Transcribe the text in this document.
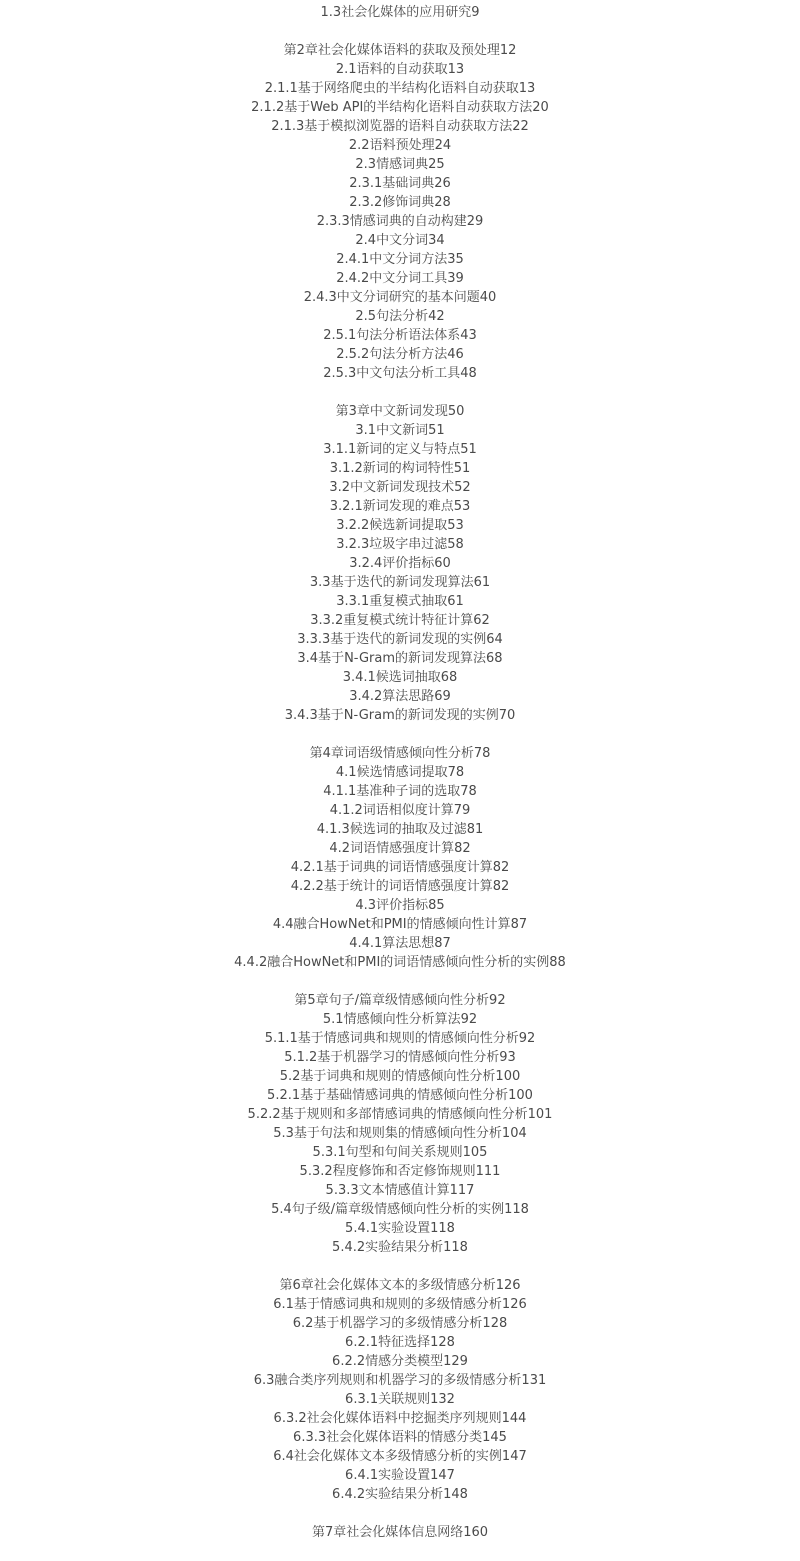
1.3社会化媒体的应用研究9
第2章社会化媒体语料的获取及预处理12
2.1语料的自动获取13
2.1.1基于网络爬虫的半结构化语料自动获取13
2.1.2基于Web API的半结构化语料自动获取方法20
2.1.3基于模拟浏览器的语料自动获取方法22
2.2语料预处理24
2.3情感词典25
2.3.1基础词典26
2.3.2修饰词典28
2.3.3情感词典的自动构建29
2.4中文分词34
2.4.1中文分词方法35
2.4.2中文分词工具39
2.4.3中文分词研究的基本问题40
2.5句法分析42
2.5.1句法分析语法体系43
2.5.2句法分析方法46
2.5.3中文句法分析工具48
第3章中文新词发现50
3.1中文新词51
3.1.1新词的定义与特点51
3.1.2新词的构词特性51
3.2中文新词发现技术52
3.2.1新词发现的难点53
3.2.2候选新词提取53
3.2.3垃圾字串过滤58
3.2.4评价指标60
3.3基于迭代的新词发现算法61
3.3.1重复模式抽取61
3.3.2重复模式统计特征计算62
3.3.3基于迭代的新词发现的实例64
3.4基于N-Gram的新词发现算法68
3.4.1候选词抽取68
3.4.2算法思路69
3.4.3基于N-Gram的新词发现的实例70
第4章词语级情感倾向性分析78
4.1候选情感词提取78
4.1.1基准种子词的选取78
4.1.2词语相似度计算79
4.1.3候选词的抽取及过滤81
4.2词语情感强度计算82
4.2.1基于词典的词语情感强度计算82
4.2.2基于统计的词语情感强度计算82
4.3评价指标85
4.4融合HowNet和PMI的情感倾向性计算87
4.4.1算法思想87
4.4.2融合HowNet和PMI的词语情感倾向性分析的实例88
第5章句子/篇章级情感倾向性分析92
5.1情感倾向性分析算法92
5.1.1基于情感词典和规则的情感倾向性分析92
5.1.2基于机器学习的情感倾向性分析93
5.2基于词典和规则的情感倾向性分析100
5.2.1基于基础情感词典的情感倾向性分析100
5.2.2基于规则和多部情感词典的情感倾向性分析101
5.3基于句法和规则集的情感倾向性分析104
5.3.1句型和句间关系规则105
5.3.2程度修饰和否定修饰规则111
5.3.3文本情感值计算117
5.4句子级/篇章级情感倾向性分析的实例118
5.4.1实验设置118
5.4.2实验结果分析118
第6章社会化媒体文本的多级情感分析126
6.1基于情感词典和规则的多级情感分析126
6.2基于机器学习的多级情感分析128
6.2.1特征选择128
6.2.2情感分类模型129
6.3融合类序列规则和机器学习的多级情感分析131
6.3.1关联规则132
6.3.2社会化媒体语料中挖掘类序列规则144
6.3.3社会化媒体语料的情感分类145
6.4社会化媒体文本多级情感分析的实例147
6.4.1实验设置147
6.4.2实验结果分析148
第7章社会化媒体信息网络160
